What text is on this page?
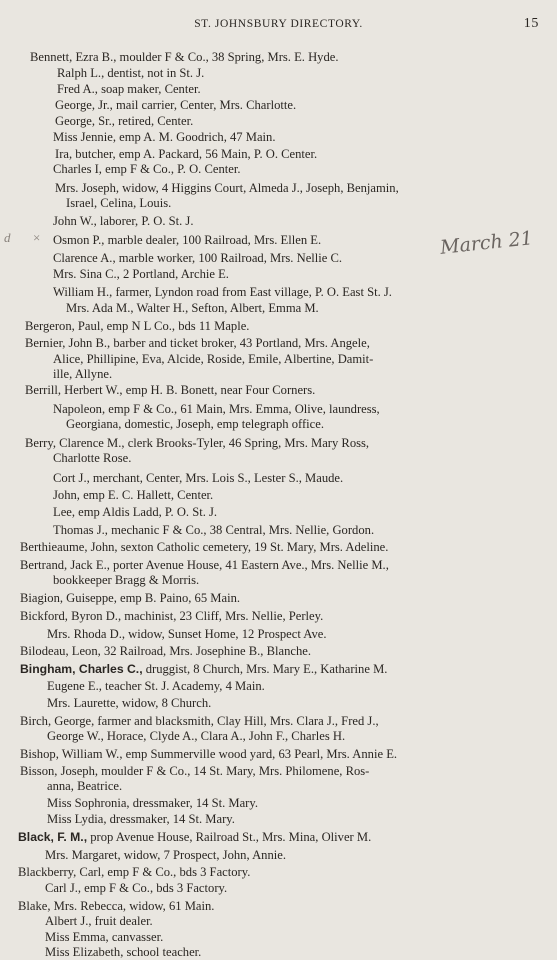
ST. JOHNSBURY DIRECTORY.	15
Bennett, Ezra B., moulder F & Co., 38 Spring, Mrs. E. Hyde.
Ralph L., dentist, not in St. J.
Fred A., soap maker, Center.
George, Jr., mail carrier, Center, Mrs. Charlotte.
George, Sr., retired, Center.
Miss Jennie, emp A. M. Goodrich, 47 Main.
Ira, butcher, emp A. Packard, 56 Main, P. O. Center.
Charles I, emp F & Co., P. O. Center.
Mrs. Joseph, widow, 4 Higgins Court, Almeda J., Joseph, Benjamin,
Israel, Celina, Louis.
John W., laborer, P. O. St. J.
Osmon P., marble dealer, 100 Railroad, Mrs. Ellen E.
Clarence A., marble worker, 100 Railroad, Mrs. Nellie C.
Mrs. Sina C., 2 Portland, Archie E.
William H., farmer, Lyndon road from East village, P. O. East St. J.
Mrs. Ada M., Walter H., Sefton, Albert, Emma M.
Bergeron, Paul, emp N L Co., bds 11 Maple.
Bernier, John B., barber and ticket broker, 43 Portland, Mrs. Angele,
Alice, Phillipine, Eva, Alcide, Roside, Emile, Albertine, Damit-
ille, Allyne.
Berrill, Herbert W., emp H. B. Bonett, near Four Corners.
Napoleon, emp F & Co., 61 Main, Mrs. Emma, Olive, laundress,
Georgiana, domestic, Joseph, emp telegraph office.
Berry, Clarence M., clerk Brooks-Tyler, 46 Spring, Mrs. Mary Ross,
Charlotte Rose.
Cort J., merchant, Center, Mrs. Lois S., Lester S., Maude.
John, emp E. C. Hallett, Center.
Lee, emp Aldis Ladd, P. O. St. J.
Thomas J., mechanic F & Co., 38 Central, Mrs. Nellie, Gordon.
Berthieaume, John, sexton Catholic cemetery, 19 St. Mary, Mrs. Adeline.
Bertrand, Jack E., porter Avenue House, 41 Eastern Ave., Mrs. Nellie M.,
bookkeeper Bragg & Morris.
Biagion, Guiseppe, emp B. Paino, 65 Main.
Bickford, Byron D., machinist, 23 Cliff, Mrs. Nellie, Perley.
Mrs. Rhoda D., widow, Sunset Home, 12 Prospect Ave.
Bilodeau, Leon, 32 Railroad, Mrs. Josephine B., Blanche.
Bingham, Charles C., druggist, 8 Church, Mrs. Mary E., Katharine M.
Eugene E., teacher St. J. Academy, 4 Main.
Mrs. Laurette, widow, 8 Church.
Birch, George, farmer and blacksmith, Clay Hill, Mrs. Clara J., Fred J.,
George W., Horace, Clyde A., Clara A., John F., Charles H.
Bishop, William W., emp Summerville wood yard, 63 Pearl, Mrs. Annie E.
Bisson, Joseph, moulder F & Co., 14 St. Mary, Mrs. Philomene, Ros-
anna, Beatrice.
Miss Sophronia, dressmaker, 14 St. Mary.
Miss Lydia, dressmaker, 14 St. Mary.
Black, F. M., prop Avenue House, Railroad St., Mrs. Mina, Oliver M.
Mrs. Margaret, widow, 7 Prospect, John, Annie.
Blackberry, Carl, emp F & Co., bds 3 Factory.
Carl J., emp F & Co., bds 3 Factory.
Blake, Mrs. Rebecca, widow, 61 Main.
Albert J., fruit dealer.
Miss Emma, canvasser.
Miss Elizabeth, school teacher.
d ×	March 21
